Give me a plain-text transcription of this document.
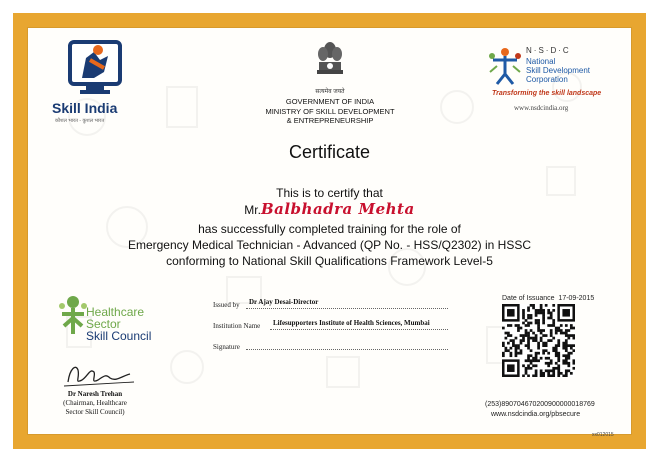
Skill India
कौशल भारत - कुशल भारत
सत्यमेव जयते
GOVERNMENT OF INDIA
MINISTRY OF SKILL DEVELOPMENT
& ENTREPRENEURSHIP
N·S·D·C
National
Skill Development
Corporation
Transforming the skill landscape
www.nsdcindia.org
Certificate
This is to certify that
Mr.Balbhadra Mehta
has successfully completed training for the role of
Emergency Medical Technician - Advanced (QP No. - HSS/Q2302) in HSSC
conforming to National Skill Qualifications Framework Level-5
Healthcare
Sector
Skill Council
Issued by Dr Ajay Desai-Director
Institution Name Lifesupporters Institute of Health Sciences, Mumbai
Signature
Dr Naresh Trehan
(Chairman, Healthcare
Sector Skill Council)
Date of Issuance 17-09-2015
(253)890704670200900000018769
www.nsdcindia.org/pbsecure
xx012015
